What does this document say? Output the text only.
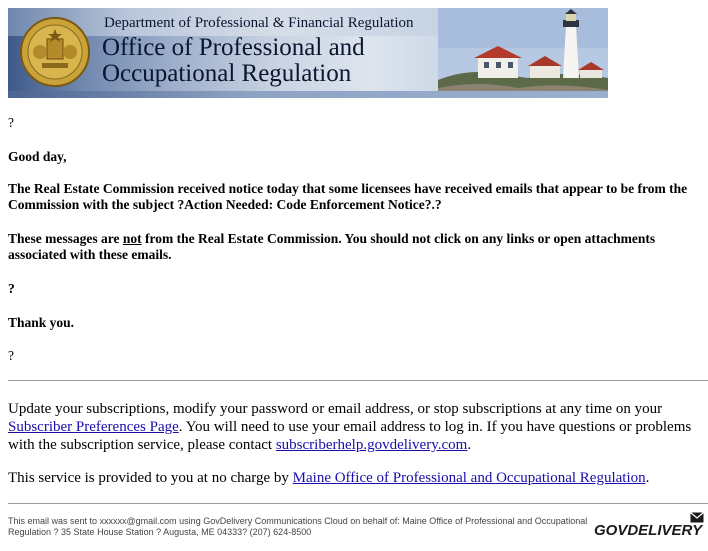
Department of Professional & Financial Regulation
Office of Professional and
Occupational Regulation

?

Good day,

The Real Estate Commission received notice today that some licensees have received emails that appear to be from the Commission with the subject ?Action Needed: Code Enforcement Notice?.?

These messages are not from the Real Estate Commission. You should not click on any links or open attachments associated with these emails.

?

Thank you.

?

Update your subscriptions, modify your password or email address, or stop subscriptions at any time on your Subscriber Preferences Page. You will need to use your email address to log in. If you have questions or problems with the subscription service, please contact subscriberhelp.govdelivery.com.
This service is provided to you at no charge by Maine Office of Professional and Occupational Regulation.
This email was sent to xxxxxx@gmail.com using GovDelivery Communications Cloud on behalf of: Maine Office of Professional and Occupational Regulation ? 35 State House Station ? Augusta, ME 04333? (207) 624-8500	GOVDELIVERY
